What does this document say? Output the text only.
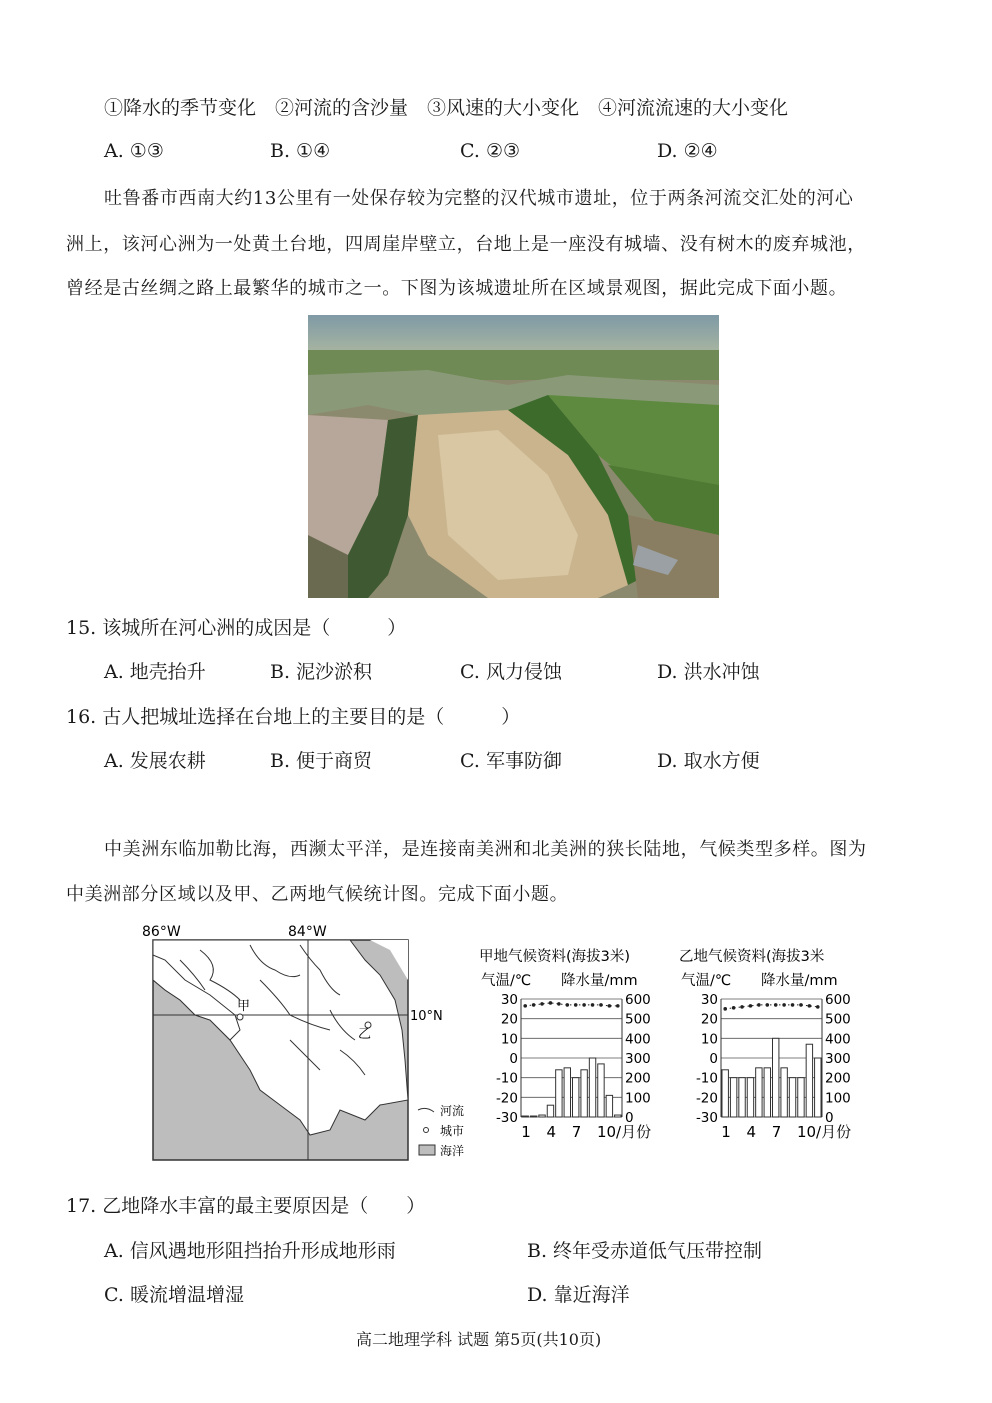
①降水的季节变化　②河流的含沙量　③风速的大小变化　④河流流速的大小变化
A. ①③	B. ①④	C. ②③	D. ②④
吐鲁番市西南大约13公里有一处保存较为完整的汉代城市遗址，位于两条河流交汇处的河心
洲上，该河心洲为一处黄土台地，四周崖岸壁立，台地上是一座没有城墙、没有树木的废弃城池，
曾经是古丝绸之路上最繁华的城市之一。下图为该城遗址所在区域景观图，据此完成下面小题。
15. 该城所在河心洲的成因是（　　　）
A. 地壳抬升	B. 泥沙淤积	C. 风力侵蚀	D. 洪水冲蚀
16. 古人把城址选择在台地上的主要目的是（　　　）
A. 发展农耕	B. 便于商贸	C. 军事防御	D. 取水方便
中美洲东临加勒比海，西濒太平洋，是连接南美洲和北美洲的狭长陆地，气候类型多样。图为
中美洲部分区域以及甲、乙两地气候统计图。完成下面小题。
86°W	84°W
10°N
甲
乙
河流
城市
海洋
甲地气候资料(海拔3米)
气温/℃ 降水量/mm
30	600
20	500
10	400
0	300
-10	200
-20	100
-30	0
1 4 7 10/月份
乙地气候资料(海拔3米
气温/℃ 降水量/mm
30	600
20	500
10	400
0	300
-10	200
-20	100
-30	0
1 4 7 10/月份
17. 乙地降水丰富的最主要原因是（　　）
A. 信风遇地形阻挡抬升形成地形雨	B. 终年受赤道低气压带控制
C. 暖流增温增湿	D. 靠近海洋
高二地理学科 试题 第5页(共10页)
